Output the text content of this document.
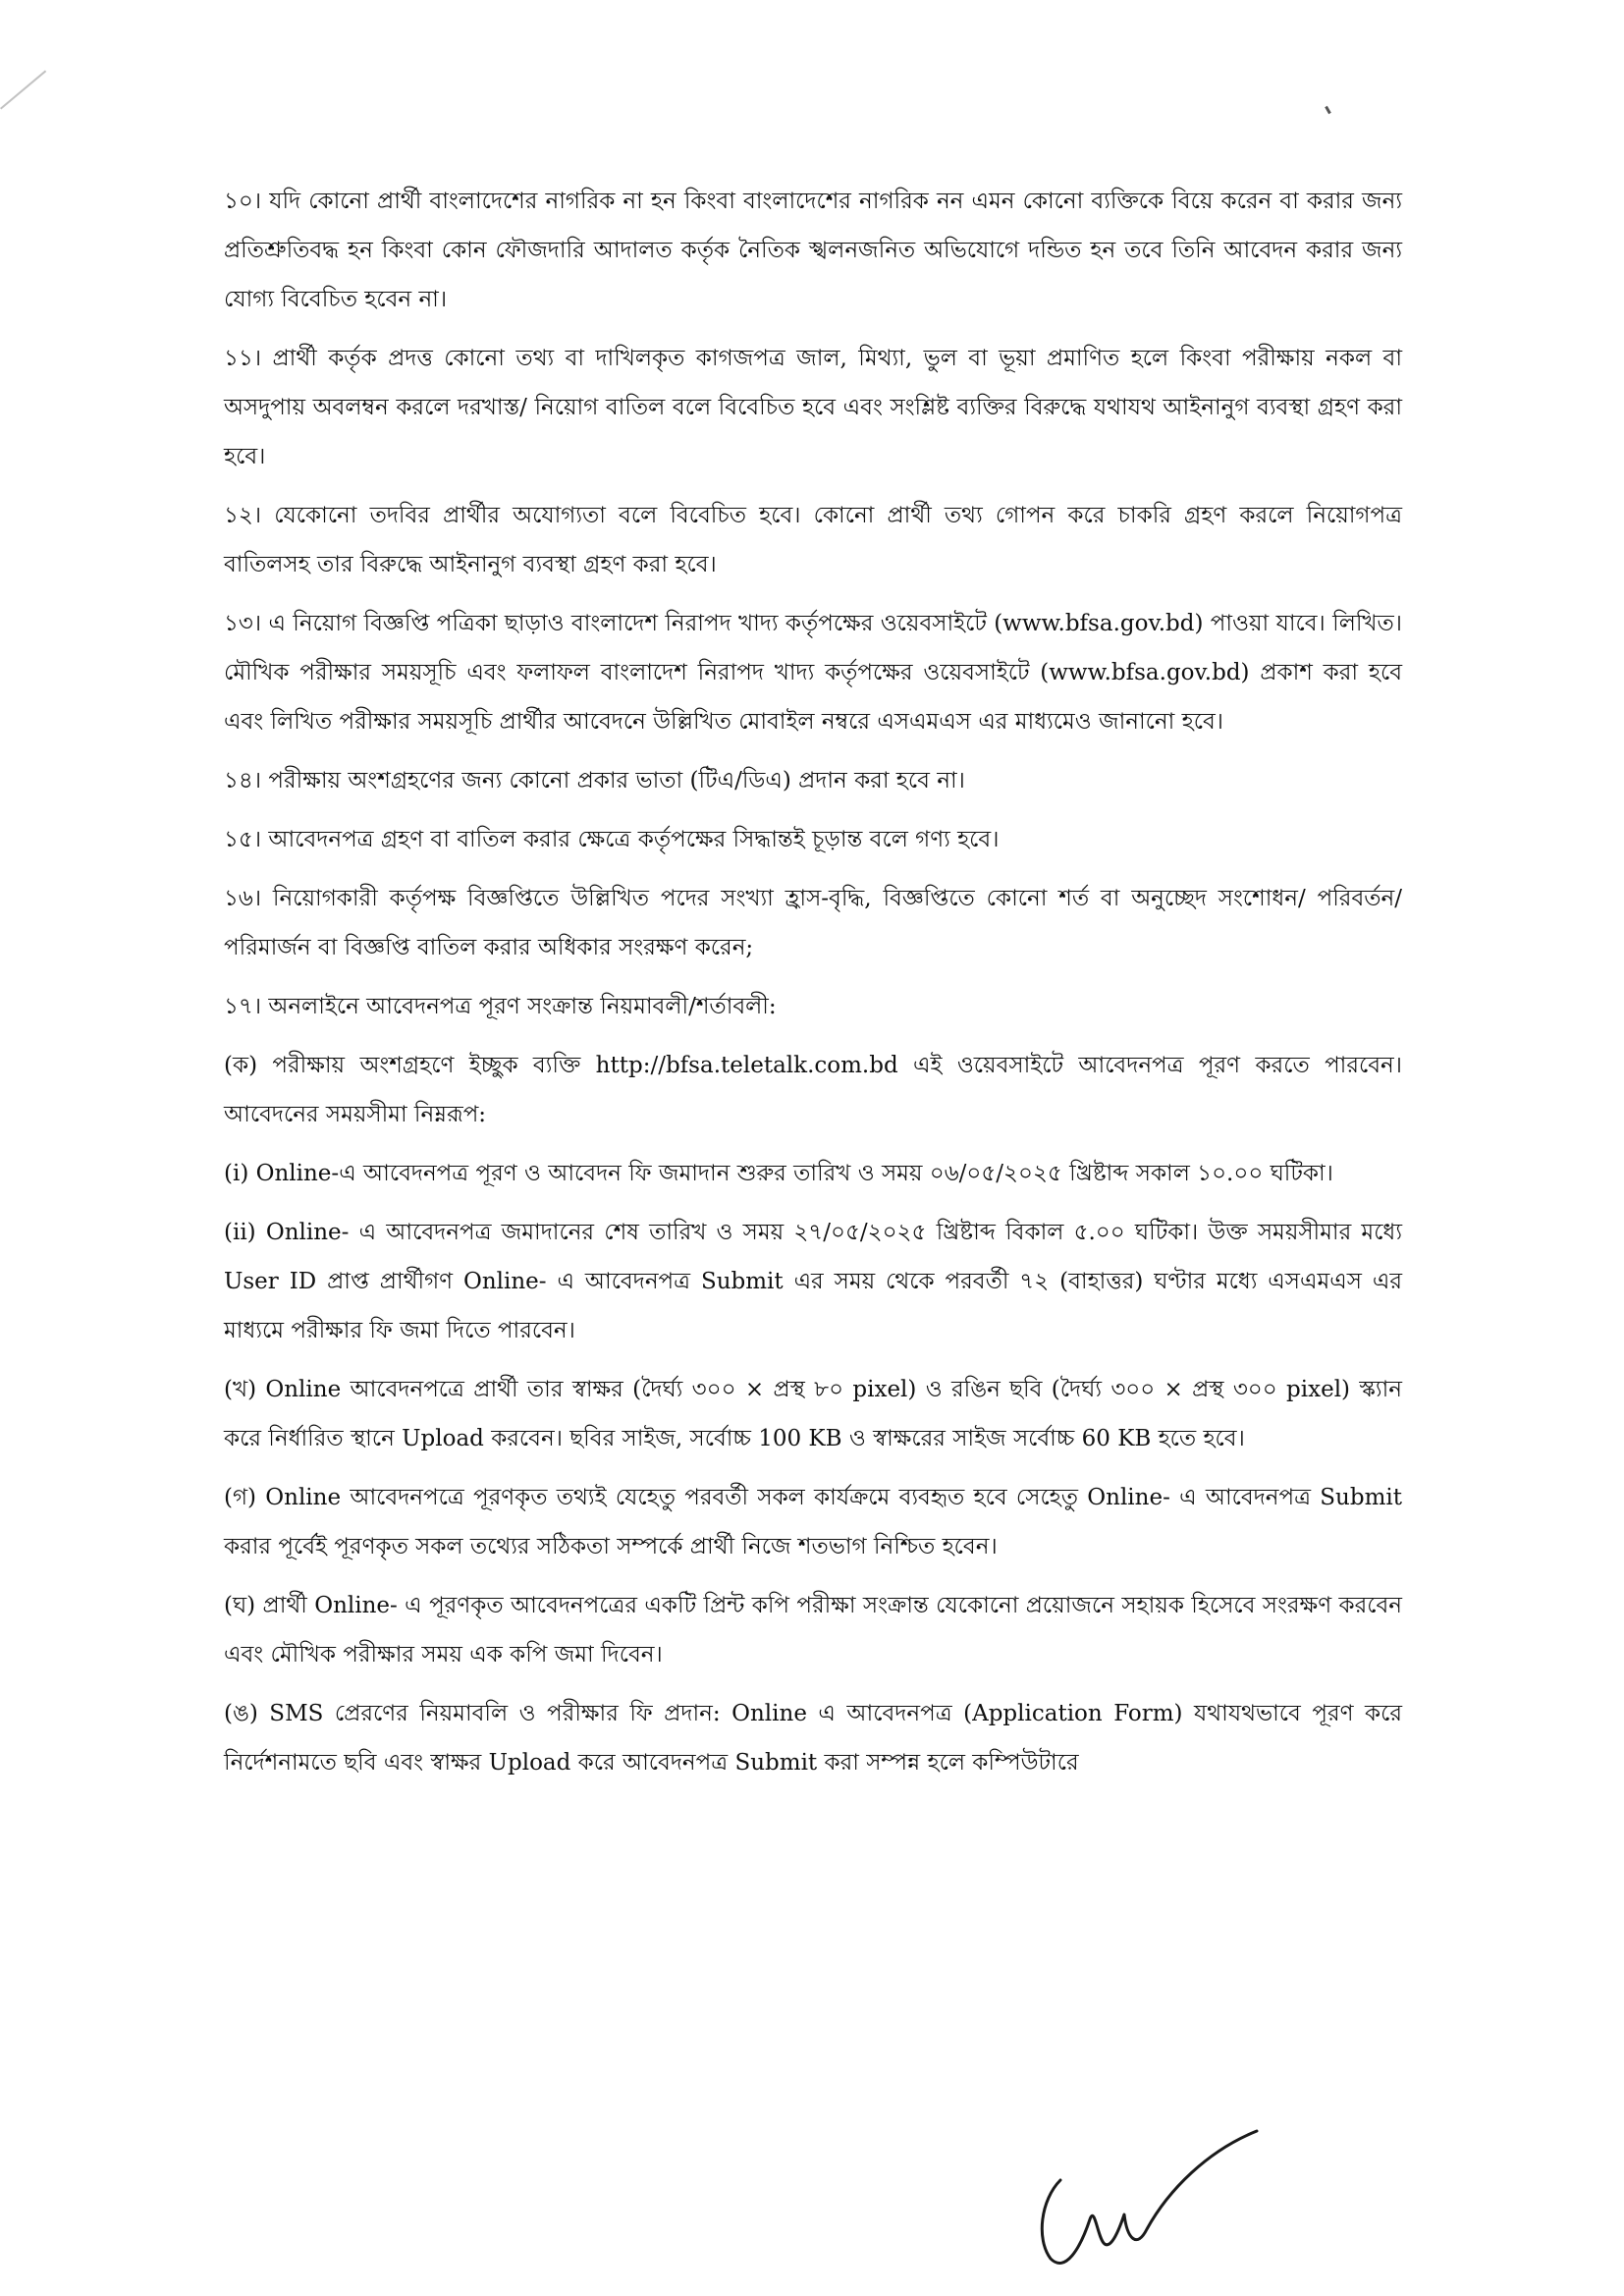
১০। যদি কোনো প্রার্থী বাংলাদেশের নাগরিক না হন কিংবা বাংলাদেশের নাগরিক নন এমন কোনো ব্যক্তিকে বিয়ে করেন বা করার জন্য প্রতিশ্রুতিবদ্ধ হন কিংবা কোন ফৌজদারি আদালত কর্তৃক নৈতিক স্খলনজনিত অভিযোগে দন্ডিত হন তবে তিনি আবেদন করার জন্য যোগ্য বিবেচিত হবেন না।

১১। প্রার্থী কর্তৃক প্রদত্ত কোনো তথ্য বা দাখিলকৃত কাগজপত্র জাল, মিথ্যা, ভুল বা ভূয়া প্রমাণিত হলে কিংবা পরীক্ষায় নকল বা অসদুপায় অবলম্বন করলে দরখাস্ত/ নিয়োগ বাতিল বলে বিবেচিত হবে এবং সংশ্লিষ্ট ব্যক্তির বিরুদ্ধে যথাযথ আইনানুগ ব্যবস্থা গ্রহণ করা হবে।

১২। যেকোনো তদবির প্রার্থীর অযোগ্যতা বলে বিবেচিত হবে। কোনো প্রার্থী তথ্য গোপন করে চাকরি গ্রহণ করলে নিয়োগপত্র বাতিলসহ তার বিরুদ্ধে আইনানুগ ব্যবস্থা গ্রহণ করা হবে।

১৩। এ নিয়োগ বিজ্ঞপ্তি পত্রিকা ছাড়াও বাংলাদেশ নিরাপদ খাদ্য কর্তৃপক্ষের ওয়েবসাইটে (www.bfsa.gov.bd) পাওয়া যাবে। লিখিত। মৌখিক পরীক্ষার সময়সূচি এবং ফলাফল বাংলাদেশ নিরাপদ খাদ্য কর্তৃপক্ষের ওয়েবসাইটে (www.bfsa.gov.bd) প্রকাশ করা হবে এবং লিখিত পরীক্ষার সময়সূচি প্রার্থীর আবেদনে উল্লিখিত মোবাইল নম্বরে এসএমএস এর মাধ্যমেও জানানো হবে।

১৪। পরীক্ষায় অংশগ্রহণের জন্য কোনো প্রকার ভাতা (টিএ/ডিএ) প্রদান করা হবে না।

১৫। আবেদনপত্র গ্রহণ বা বাতিল করার ক্ষেত্রে কর্তৃপক্ষের সিদ্ধান্তই চূড়ান্ত বলে গণ্য হবে।

১৬। নিয়োগকারী কর্তৃপক্ষ বিজ্ঞপ্তিতে উল্লিখিত পদের সংখ্যা হ্রাস-বৃদ্ধি, বিজ্ঞপ্তিতে কোনো শর্ত বা অনুচ্ছেদ সংশোধন/ পরিবর্তন/ পরিমার্জন বা বিজ্ঞপ্তি বাতিল করার অধিকার সংরক্ষণ করেন;

১৭। অনলাইনে আবেদনপত্র পূরণ সংক্রান্ত নিয়মাবলী/শর্তাবলী:

(ক) পরীক্ষায় অংশগ্রহণে ইচ্ছুক ব্যক্তি http://bfsa.teletalk.com.bd এই ওয়েবসাইটে আবেদনপত্র পূরণ করতে পারবেন। আবেদনের সময়সীমা নিম্নরূপ:

(i) Online-এ আবেদনপত্র পূরণ ও আবেদন ফি জমাদান শুরুর তারিখ ও সময় ০৬/০৫/২০২৫ খ্রিষ্টাব্দ সকাল ১০.০০ ঘটিকা।

(ii) Online- এ আবেদনপত্র জমাদানের শেষ তারিখ ও সময় ২৭/০৫/২০২৫ খ্রিষ্টাব্দ বিকাল ৫.০০ ঘটিকা। উক্ত সময়সীমার মধ্যে User ID প্রাপ্ত প্রার্থীগণ Online- এ আবেদনপত্র Submit এর সময় থেকে পরবর্তী ৭২ (বাহাত্তর) ঘণ্টার মধ্যে এসএমএস এর মাধ্যমে পরীক্ষার ফি জমা দিতে পারবেন।

(খ) Online আবেদনপত্রে প্রার্থী তার স্বাক্ষর (দৈর্ঘ্য ৩০০ × প্রস্থ ৮০ pixel) ও রঙিন ছবি (দৈর্ঘ্য ৩০০ × প্রস্থ ৩০০ pixel) স্ক্যান করে নির্ধারিত স্থানে Upload করবেন। ছবির সাইজ, সর্বোচ্চ 100 KB ও স্বাক্ষরের সাইজ সর্বোচ্চ 60 KB হতে হবে।

(গ) Online আবেদনপত্রে পূরণকৃত তথ্যই যেহেতু পরবর্তী সকল কার্যক্রমে ব্যবহৃত হবে সেহেতু Online- এ আবেদনপত্র Submit করার পূর্বেই পূরণকৃত সকল তথ্যের সঠিকতা সম্পর্কে প্রার্থী নিজে শতভাগ নিশ্চিত হবেন।

(ঘ) প্রার্থী Online- এ পূরণকৃত আবেদনপত্রের একটি প্রিন্ট কপি পরীক্ষা সংক্রান্ত যেকোনো প্রয়োজনে সহায়ক হিসেবে সংরক্ষণ করবেন এবং মৌখিক পরীক্ষার সময় এক কপি জমা দিবেন।

(ঙ) SMS প্রেরণের নিয়মাবলি ও পরীক্ষার ফি প্রদান: Online এ আবেদনপত্র (Application Form) যথাযথভাবে পূরণ করে নির্দেশনামতে ছবি এবং স্বাক্ষর Upload করে আবেদনপত্র Submit করা সম্পন্ন হলে কম্পিউটারে
